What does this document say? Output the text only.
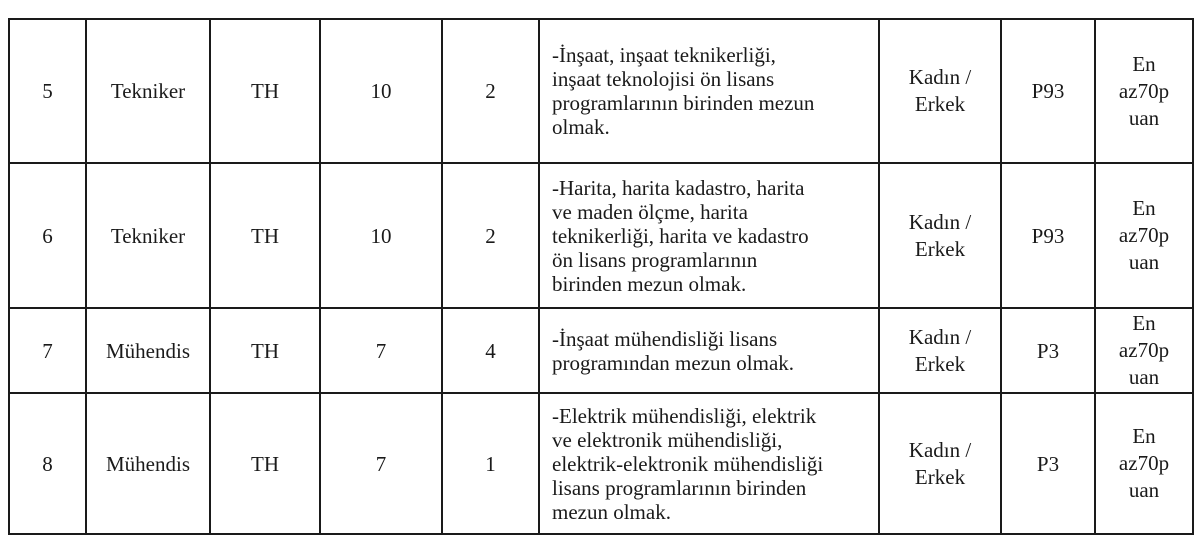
5	Tekniker	TH	10	2	-İnşaat, inşaat teknikerliği,
inşaat teknolojisi ön lisans
programlarının birinden mezun
olmak.	Kadın /
Erkek	P93	En
az70p
uan

6	Tekniker	TH	10	2	-Harita, harita kadastro, harita
ve maden ölçme, harita
teknikerliği, harita ve kadastro
ön lisans programlarının
birinden mezun olmak.	Kadın /
Erkek	P93	En
az70p
uan

7	Mühendis	TH	7	4	-İnşaat mühendisliği lisans
programından mezun olmak.	Kadın /
Erkek	P3	En
az70p
uan

8	Mühendis	TH	7	1	-Elektrik mühendisliği, elektrik
ve elektronik mühendisliği,
elektrik-elektronik mühendisliği
lisans programlarının birinden
mezun olmak.	Kadın /
Erkek	P3	En
az70p
uan
